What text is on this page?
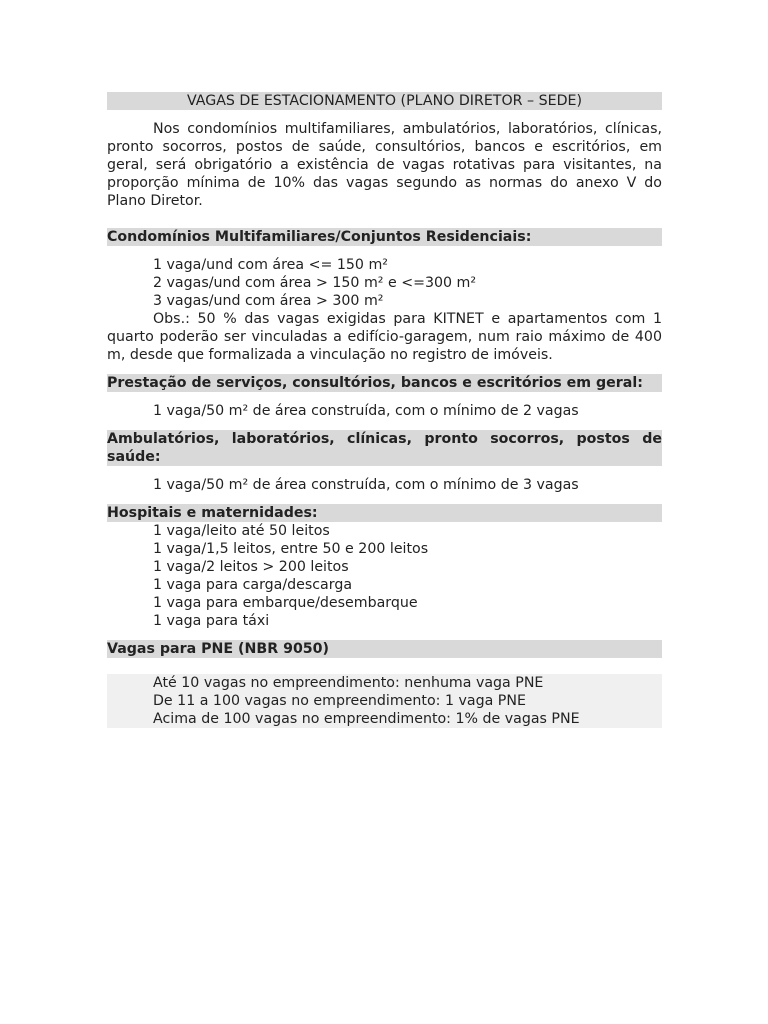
VAGAS DE ESTACIONAMENTO (PLANO DIRETOR – SEDE)

Nos condomínios multifamiliares, ambulatórios, laboratórios, clínicas, pronto socorros, postos de saúde, consultórios, bancos e escritórios, em geral, será obrigatório a existência de vagas rotativas para visitantes, na proporção mínima de 10% das vagas segundo as normas do anexo V do Plano Diretor.

Condomínios Multifamiliares/Conjuntos Residenciais:
1 vaga/und com área <= 150 m²
2 vagas/und com área > 150 m² e <=300 m²
3 vagas/und com área > 300 m²

Obs.: 50 % das vagas exigidas para KITNET e apartamentos com 1 quarto poderão ser vinculadas a edifício-garagem, num raio máximo de 400 m, desde que formalizada a vinculação no registro de imóveis.

Prestação de serviços, consultórios, bancos e escritórios em geral:
1 vaga/50 m² de área construída, com o mínimo de 2 vagas
Ambulatórios, laboratórios, clínicas, pronto socorros, postos de saúde:
1 vaga/50 m² de área construída, com o mínimo de 3 vagas
Hospitais e maternidades:
1 vaga/leito até 50 leitos
1 vaga/1,5 leitos, entre 50 e 200 leitos
1 vaga/2 leitos > 200 leitos
1 vaga para carga/descarga
1 vaga para embarque/desembarque
1 vaga para táxi
Vagas para PNE (NBR 9050)
Até 10 vagas no empreendimento: nenhuma vaga PNE
De 11 a 100 vagas no empreendimento: 1 vaga PNE
Acima de 100 vagas no empreendimento: 1% de vagas PNE
